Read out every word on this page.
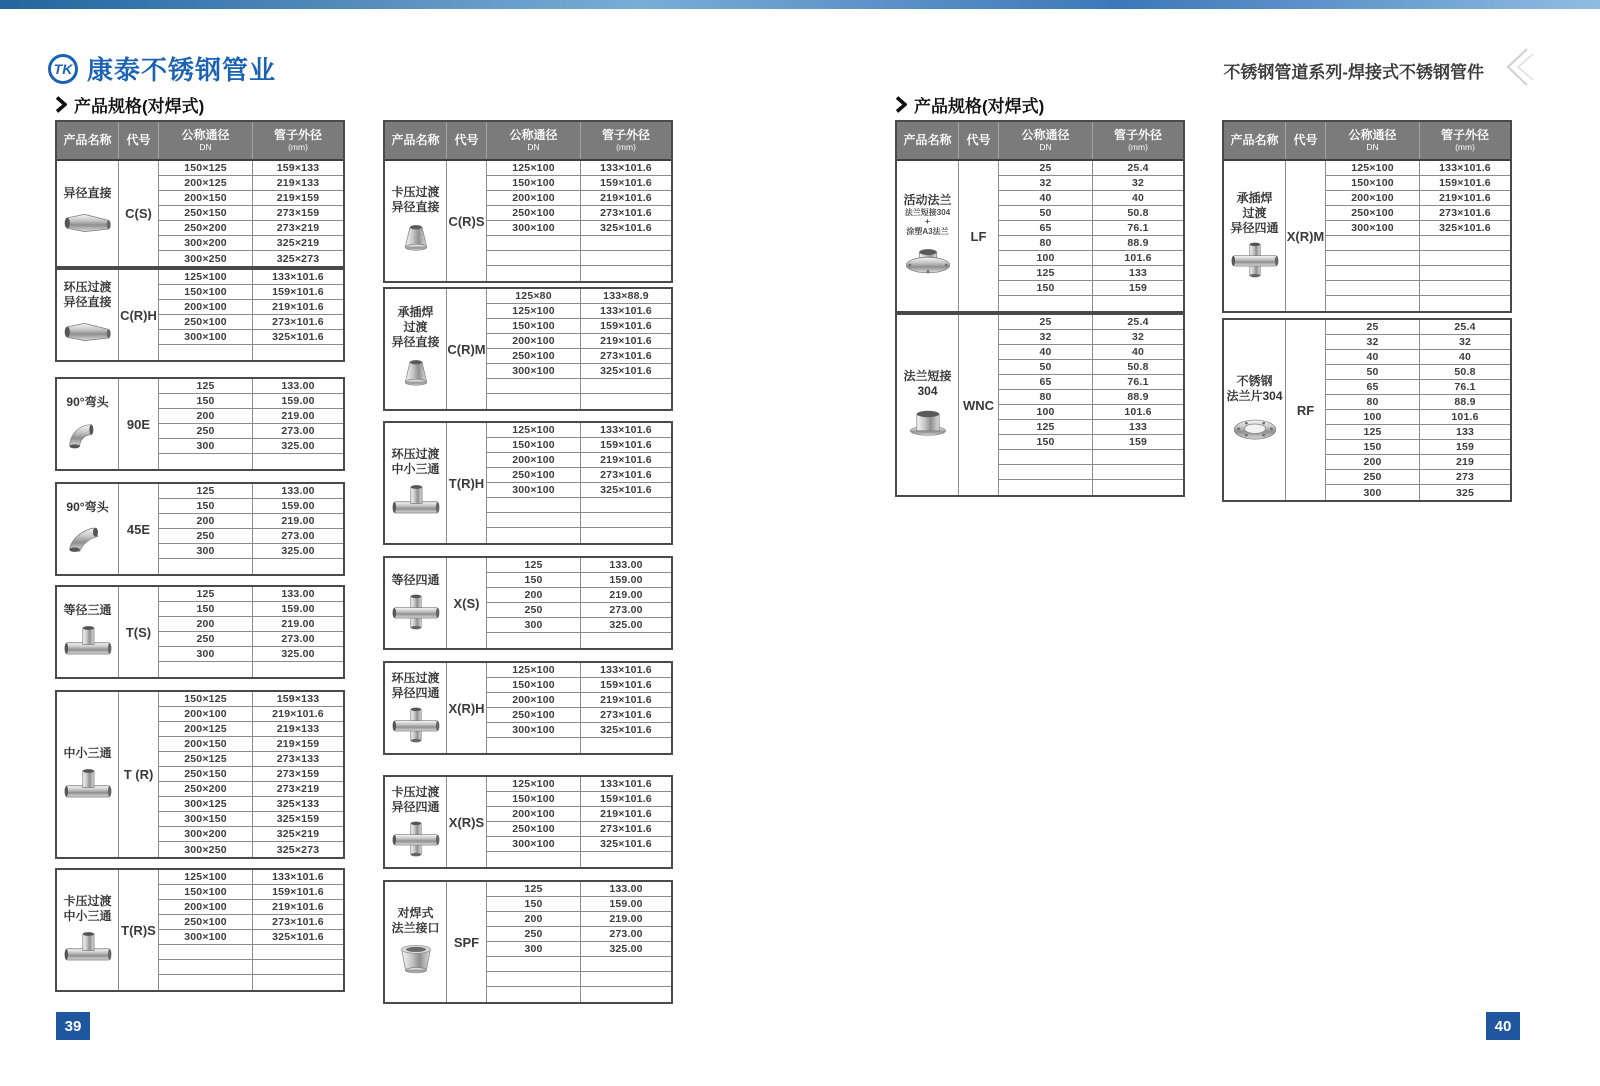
TK 康泰不锈钢管业	不锈钢管道系列-焊接式不锈钢管件
产品规格(对焊式)	产品规格(对焊式)
产品名称 代号	公称通径
DN
管子外径
(mm)
异径直接
C(S)
150×125	159×133
200×125	219×133
200×150	219×159
250×150	273×159
250×200	273×219
300×200	325×219
300×250	325×273
环压过渡
异径直接
C(R)H
125×100	133×101.6
150×100	159×101.6
200×100	219×101.6
250×100	273×101.6
300×100	325×101.6
90°弯头
90E
125	133.00
150	159.00
200	219.00
250	273.00
300	325.00
90°弯头
45E
125	133.00
150	159.00
200	219.00
250	273.00
300	325.00
等径三通
T(S)
125	133.00
150	159.00
200	219.00
250	273.00
300	325.00
中小三通
T (R)
150×125	159×133
200×100	219×101.6
200×125	219×133
200×150	219×159
250×125	273×133
250×150	273×159
250×200	273×219
300×125	325×133
300×150	325×159
300×200	325×219
300×250	325×273
卡压过渡
中小三通
T(R)S
125×100	133×101.6
150×100	159×101.6
200×100	219×101.6
250×100	273×101.6
300×100	325×101.6
产品名称 代号	公称通径
DN
管子外径
(mm)
卡压过渡
异径直接
C(R)S
125×100	133×101.6
150×100	159×101.6
200×100	219×101.6
250×100	273×101.6
300×100	325×101.6
承插焊
过渡
异径直接 C(R)M
125×80	133×88.9
125×100	133×101.6
150×100	159×101.6
200×100	219×101.6
250×100	273×101.6
300×100	325×101.6
环压过渡
中小三通
T(R)H
125×100	133×101.6
150×100	159×101.6
200×100	219×101.6
250×100	273×101.6
300×100	325×101.6
等径四通
X(S)
125	133.00
150	159.00
200	219.00
250	273.00
300	325.00
环压过渡
异径四通
X(R)H
125×100	133×101.6
150×100	159×101.6
200×100	219×101.6
250×100	273×101.6
300×100	325×101.6
卡压过渡
异径四通
X(R)S
125×100	133×101.6
150×100	159×101.6
200×100	219×101.6
250×100	273×101.6
300×100	325×101.6
对焊式
法兰接口
SPF
125	133.00
150	159.00
200	219.00
250	273.00
300	325.00
产品名称 代号	公称通径
DN
管子外径
(mm)
活动法兰
法兰短接304
+
涂塑A3法兰	LF
25	25.4
32	32
40	40
50	50.8
65	76.1
80	88.9
100	101.6
125	133
150	159
法兰短接
304
WNC
25	25.4
32	32
40	40
50	50.8
65	76.1
80	88.9
100	101.6
125	133
150	159
产品名称 代号	公称通径
DN
管子外径
(mm)
承插焊
过渡
异径四通
X(R)M
125×100	133×101.6
150×100	159×101.6
200×100	219×101.6
250×100	273×101.6
300×100	325×101.6
不锈钢
法兰片304
RF
25	25.4
32	32
40	40
50	50.8
65	76.1
80	88.9
100	101.6
125	133
150	159
200	219
250	273
300	325
39	40
